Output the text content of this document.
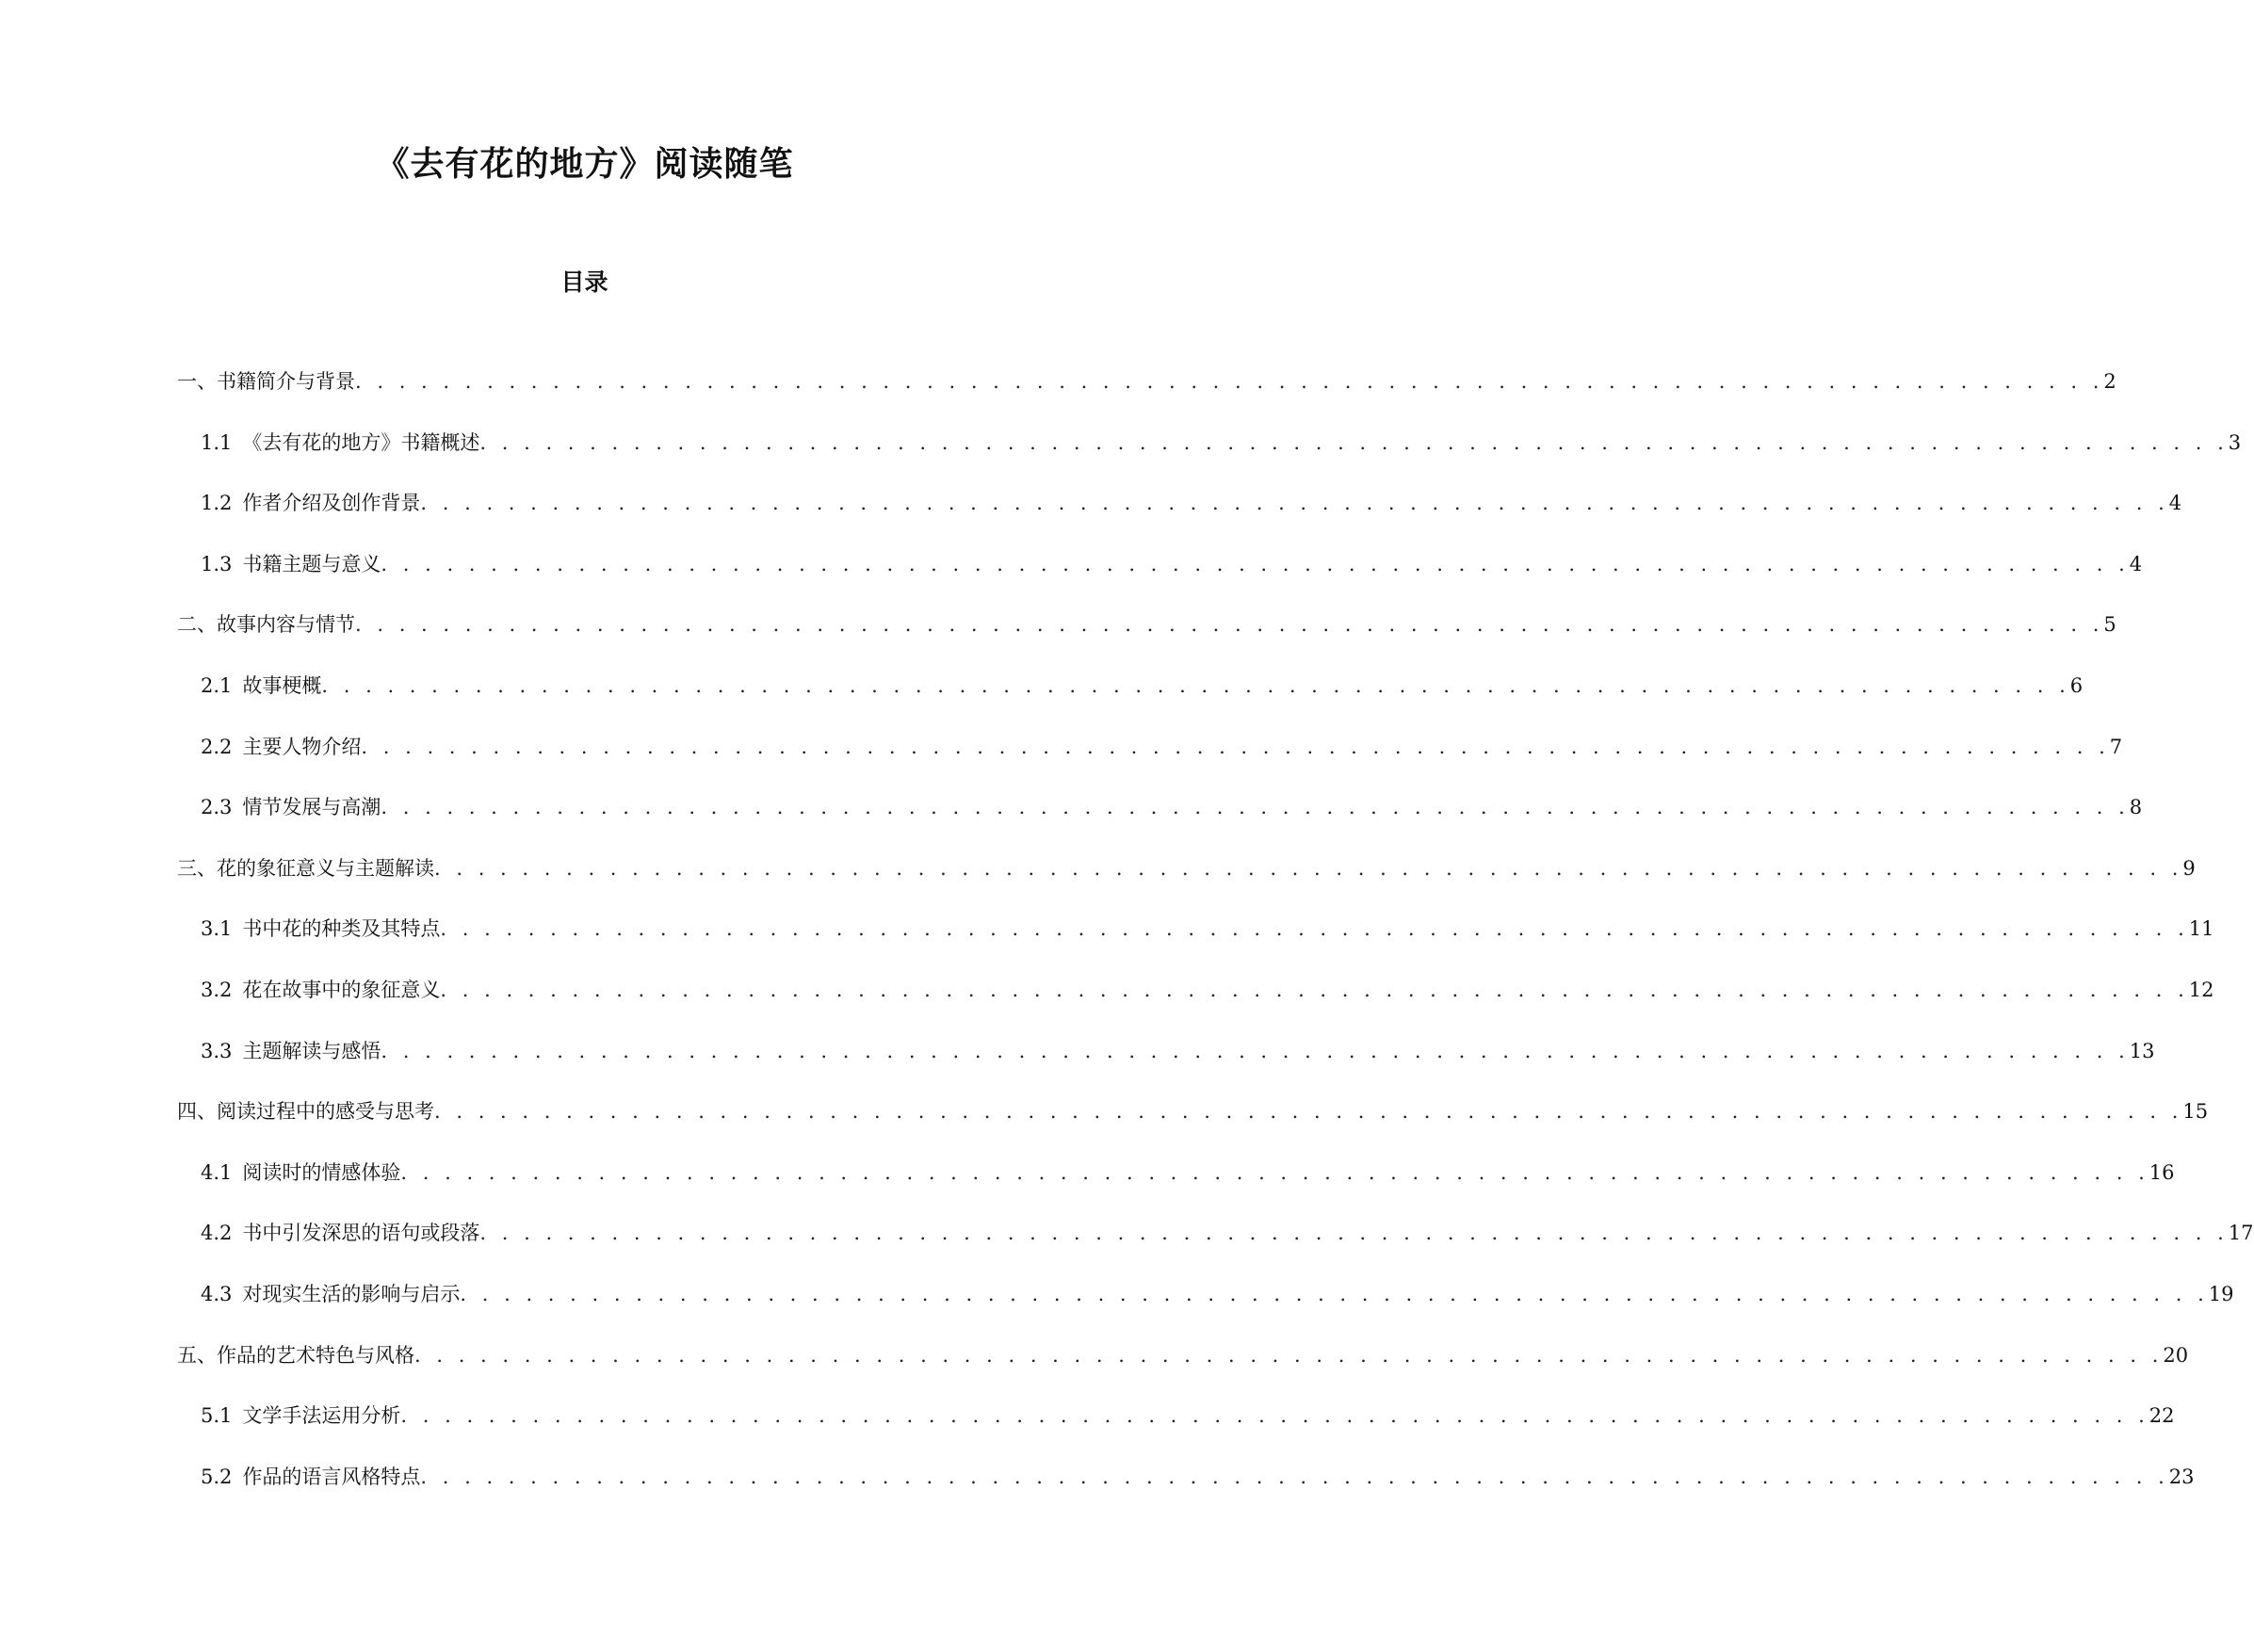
《去有花的地方》阅读随笔
目录
一、书籍简介与背景 . . . . . . . . . . . . . . . . . . . . . . . . . . . . . . . . . . . . . . . . . . . . . . . . . . . . . . . . . . . . . . . . . . . . . . . . . . . . . . . . 2
1.1 《去有花的地方》书籍概述 . . . . . . . . . . . . . . . . . . . . . . . . . . . . . . . . . . . . . . . . . . . . . . . . . . . . . . . . . . . . . . . . . . . . . . . . . . . . . . . . 3
1.2 作者介绍及创作背景 . . . . . . . . . . . . . . . . . . . . . . . . . . . . . . . . . . . . . . . . . . . . . . . . . . . . . . . . . . . . . . . . . . . . . . . . . . . . . . . . 4
1.3 书籍主题与意义 . . . . . . . . . . . . . . . . . . . . . . . . . . . . . . . . . . . . . . . . . . . . . . . . . . . . . . . . . . . . . . . . . . . . . . . . . . . . . . . . 4
二、故事内容与情节 . . . . . . . . . . . . . . . . . . . . . . . . . . . . . . . . . . . . . . . . . . . . . . . . . . . . . . . . . . . . . . . . . . . . . . . . . . . . . . . . 5
2.1 故事梗概 . . . . . . . . . . . . . . . . . . . . . . . . . . . . . . . . . . . . . . . . . . . . . . . . . . . . . . . . . . . . . . . . . . . . . . . . . . . . . . . . 6
2.2 主要人物介绍 . . . . . . . . . . . . . . . . . . . . . . . . . . . . . . . . . . . . . . . . . . . . . . . . . . . . . . . . . . . . . . . . . . . . . . . . . . . . . . . . 7
2.3 情节发展与高潮 . . . . . . . . . . . . . . . . . . . . . . . . . . . . . . . . . . . . . . . . . . . . . . . . . . . . . . . . . . . . . . . . . . . . . . . . . . . . . . . . 8
三、花的象征意义与主题解读 . . . . . . . . . . . . . . . . . . . . . . . . . . . . . . . . . . . . . . . . . . . . . . . . . . . . . . . . . . . . . . . . . . . . . . . . . . . . . . . . 9
3.1 书中花的种类及其特点 . . . . . . . . . . . . . . . . . . . . . . . . . . . . . . . . . . . . . . . . . . . . . . . . . . . . . . . . . . . . . . . . . . . . . . . . . . . . . . . . 11
3.2 花在故事中的象征意义 . . . . . . . . . . . . . . . . . . . . . . . . . . . . . . . . . . . . . . . . . . . . . . . . . . . . . . . . . . . . . . . . . . . . . . . . . . . . . . . . 12
3.3 主题解读与感悟 . . . . . . . . . . . . . . . . . . . . . . . . . . . . . . . . . . . . . . . . . . . . . . . . . . . . . . . . . . . . . . . . . . . . . . . . . . . . . . . . 13
四、阅读过程中的感受与思考 . . . . . . . . . . . . . . . . . . . . . . . . . . . . . . . . . . . . . . . . . . . . . . . . . . . . . . . . . . . . . . . . . . . . . . . . . . . . . . . . 15
4.1 阅读时的情感体验 . . . . . . . . . . . . . . . . . . . . . . . . . . . . . . . . . . . . . . . . . . . . . . . . . . . . . . . . . . . . . . . . . . . . . . . . . . . . . . . . 16
4.2 书中引发深思的语句或段落 . . . . . . . . . . . . . . . . . . . . . . . . . . . . . . . . . . . . . . . . . . . . . . . . . . . . . . . . . . . . . . . . . . . . . . . . . . . . . . . . 17
4.3 对现实生活的影响与启示 . . . . . . . . . . . . . . . . . . . . . . . . . . . . . . . . . . . . . . . . . . . . . . . . . . . . . . . . . . . . . . . . . . . . . . . . . . . . . . . . 19
五、作品的艺术特色与风格 . . . . . . . . . . . . . . . . . . . . . . . . . . . . . . . . . . . . . . . . . . . . . . . . . . . . . . . . . . . . . . . . . . . . . . . . . . . . . . . . 20
5.1 文学手法运用分析 . . . . . . . . . . . . . . . . . . . . . . . . . . . . . . . . . . . . . . . . . . . . . . . . . . . . . . . . . . . . . . . . . . . . . . . . . . . . . . . . 22
5.2 作品的语言风格特点 . . . . . . . . . . . . . . . . . . . . . . . . . . . . . . . . . . . . . . . . . . . . . . . . . . . . . . . . . . . . . . . . . . . . . . . . . . . . . . . . 23
